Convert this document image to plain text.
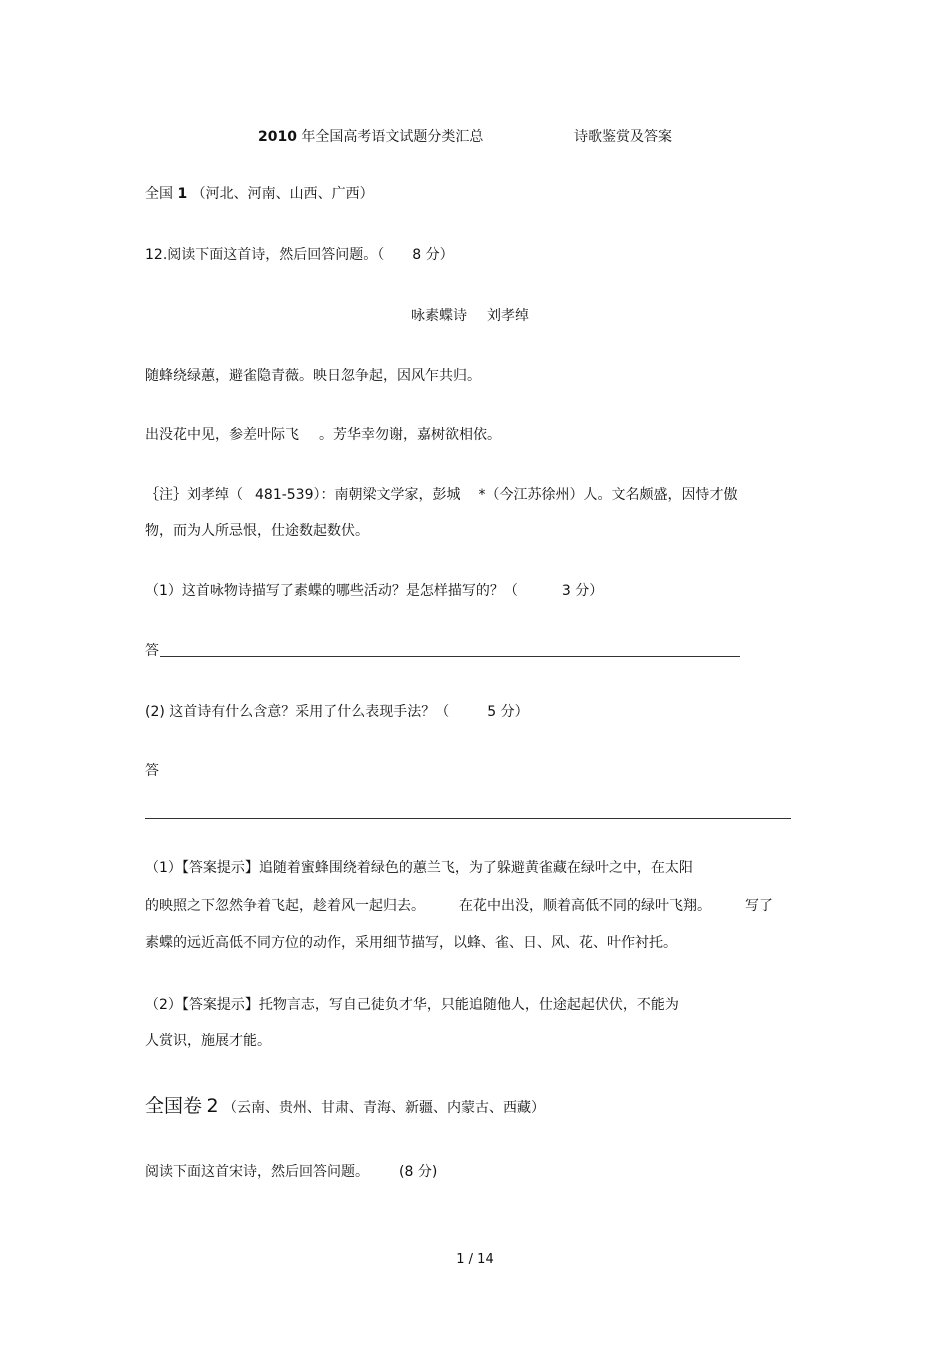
2010 年全国高考语文试题分类汇总	诗歌鉴赏及答案
全国 1 （河北、河南、山西、广西）
12.阅读下面这首诗，然后回答问题。（ 8 分）
咏素蝶诗 刘孝绰
随蜂绕绿蕙，避雀隐青薇。映日忽争起，因风乍共归。
出没花中见，参差叶际飞 。芳华幸勿谢，嘉树欲相依。
｛注｝刘孝绰（ 481-539）：南朝梁文学家，彭城 *（今江苏徐州）人。文名颇盛，因恃才傲
物，而为人所忌恨，仕途数起数伏。
（1）这首咏物诗描写了素蝶的哪些活动？是怎样描写的？（	3 分）
答
(2) 这首诗有什么含意？采用了什么表现手法？（	5 分）
答
（1）【答案提示】追随着蜜蜂围绕着绿色的蕙兰飞，为了躲避黄雀藏在绿叶之中，在太阳
的映照之下忽然争着飞起，趁着风一起归去。 在花中出没，顺着高低不同的绿叶飞翔。 写了
素蝶的远近高低不同方位的动作，采用细节描写，以蜂、雀、日、风、花、叶作衬托。
（2）【答案提示】托物言志，写自己徒负才华，只能追随他人，仕途起起伏伏，不能为
人赏识，施展才能。
全国卷 2 （云南、贵州、甘肃、青海、新疆、内蒙古、西藏）
阅读下面这首宋诗，然后回答问题。 (8 分)
1 / 14
